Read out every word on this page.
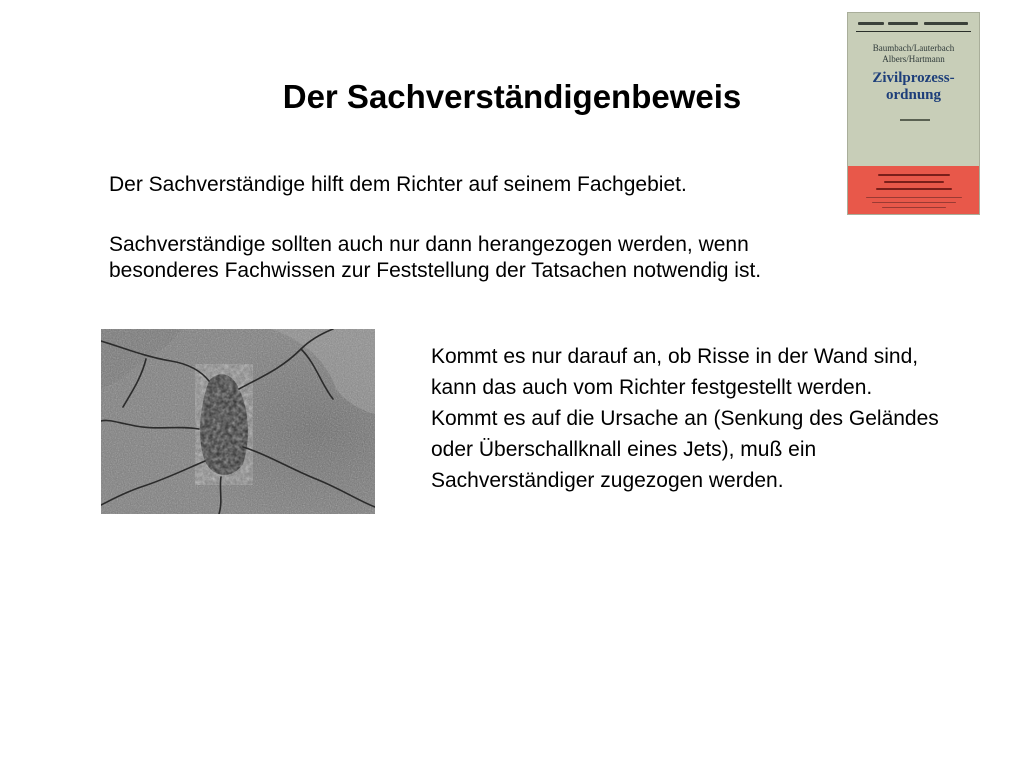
Der Sachverständigenbeweis

Der Sachverständige hilft dem Richter auf seinem Fachgebiet.

Sachverständige sollten auch nur dann herangezogen werden, wenn besonderes Fachwissen zur Feststellung der Tatsachen notwendig ist.

Kommt es nur darauf an, ob Risse in der Wand sind, kann das auch vom Richter festgestellt werden.

Kommt es auf die Ursache an (Senkung des Geländes oder Überschallknall eines Jets), muß ein Sachverständiger zugezogen werden.

Baumbach/Lauterbach
Albers/Hartmann
Zivilprozess-
ordnung
